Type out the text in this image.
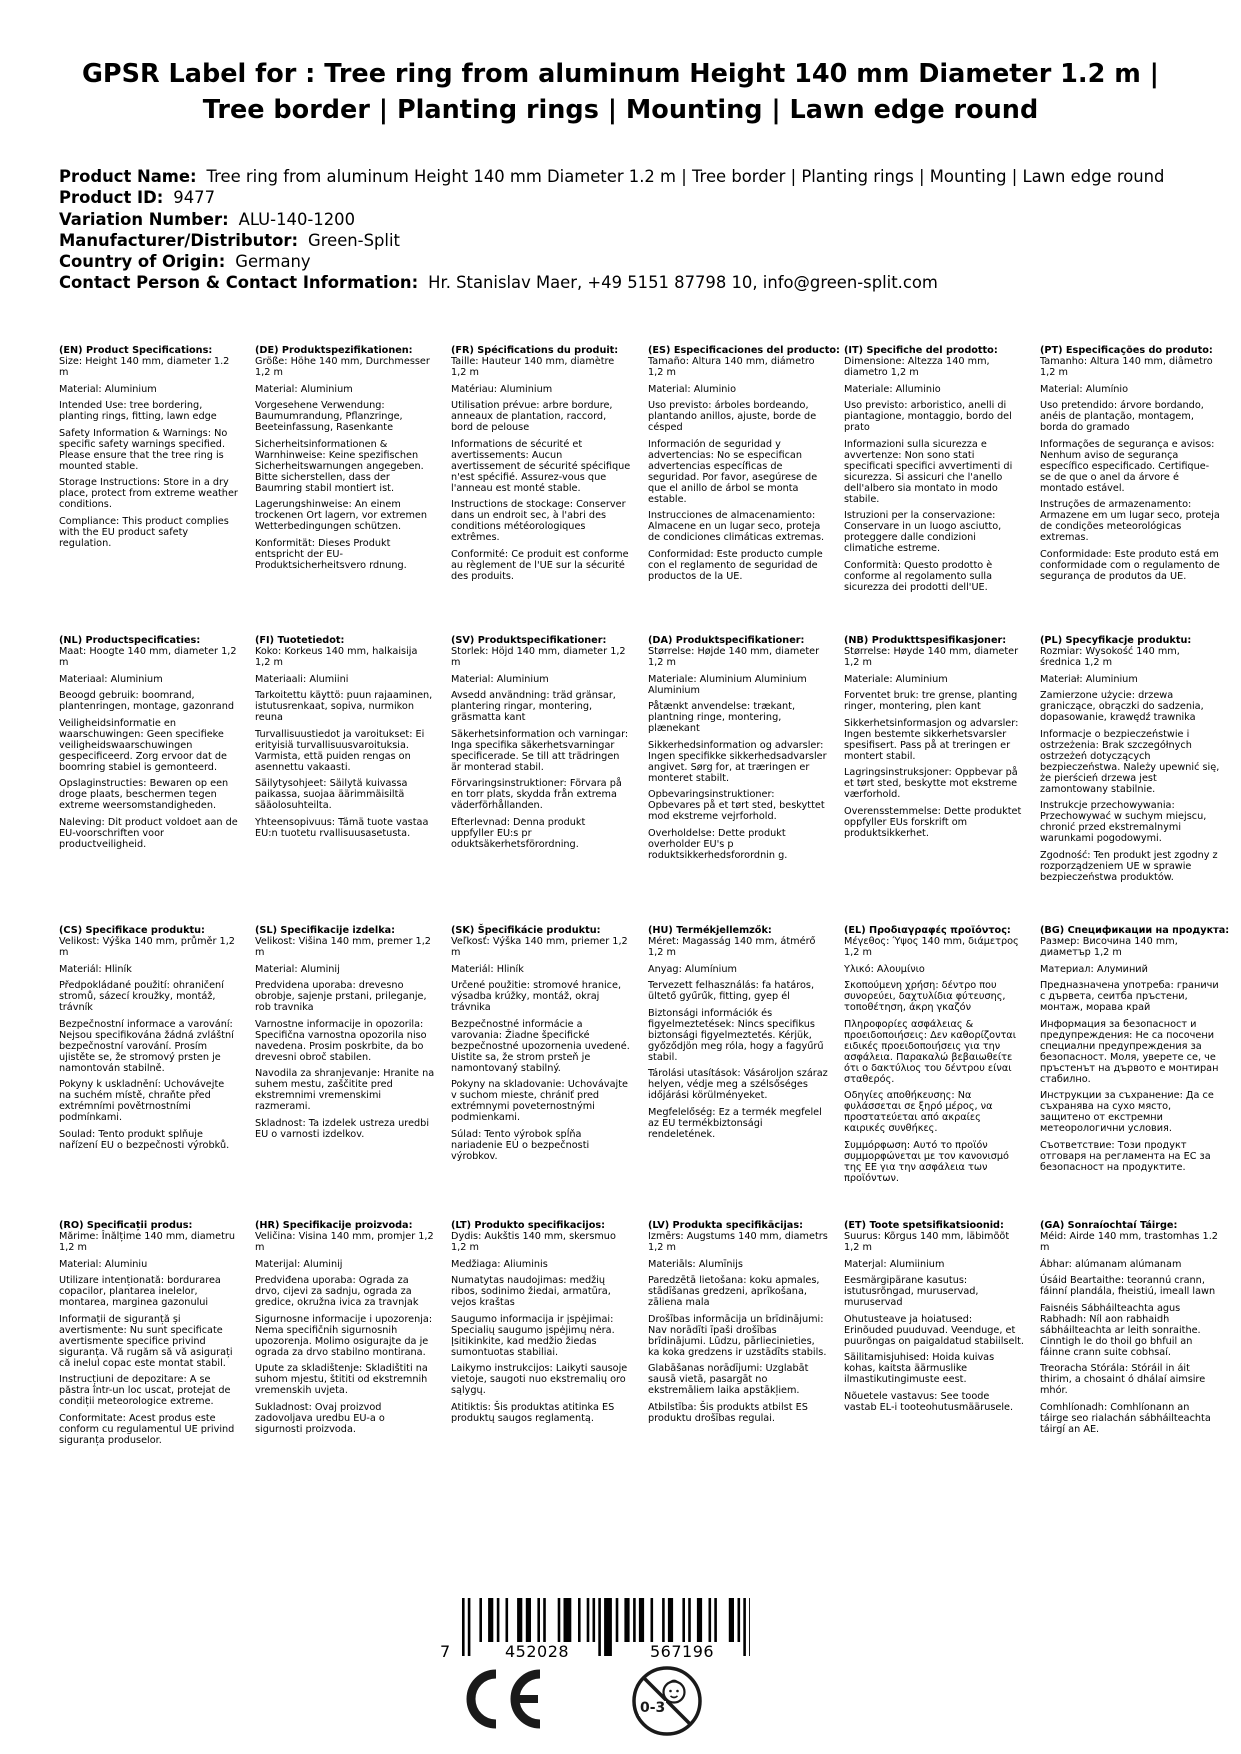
GPSR Label for : Tree ring from aluminum Height 140 mm Diameter 1.2 m | Tree border | Planting rings | Mounting | Lawn edge round
Product Name: Tree ring from aluminum Height 140 mm Diameter 1.2 m | Tree border | Planting rings | Mounting | Lawn edge round
Product ID: 9477
Variation Number: ALU-140-1200
Manufacturer/Distributor: Green-Split
Country of Origin: Germany
Contact Person & Contact Information: Hr. Stanislav Maer, +49 5151 87798 10, info@green-split.com
(EN) Product Specifications:

Size: Height 140 mm, diameter 1.2 m

Material: Aluminium

Intended Use: tree bordering, planting rings, fitting, lawn edge

Safety Information & Warnings: No specific safety warnings specified. Please ensure that the tree ring is mounted stable.

Storage Instructions: Store in a dry place, protect from extreme weather conditions.

Compliance: This product complies with the EU product safety regulation.

(DE) Produktspezifikationen:

Größe: Höhe 140 mm, Durchmesser 1,2 m

Material: Aluminium

Vorgesehene Verwendung: Baumumrandung, Pflanzringe, Beeteinfassung, Rasenkante

Sicherheitsinformationen & Warnhinweise: Keine spezifischen Sicherheitswarnungen angegeben. Bitte sicherstellen, dass der Baumring stabil montiert ist.

Lagerungshinweise: An einem trockenen Ort lagern, vor extremen Wetterbedingungen schützen.

Konformität: Dieses Produkt entspricht der EU-Produktsicherheitsvero rdnung.

(FR) Spécifications du produit:

Taille: Hauteur 140 mm, diamètre 1,2 m

Matériau: Aluminium

Utilisation prévue: arbre bordure, anneaux de plantation, raccord, bord de pelouse

Informations de sécurité et avertissements: Aucun avertissement de sécurité spécifique n'est spécifié. Assurez-vous que l'anneau est monté stable.

Instructions de stockage: Conserver dans un endroit sec, à l'abri des conditions météorologiques extrêmes.

Conformité: Ce produit est conforme au règlement de l'UE sur la sécurité des produits.

(ES) Especificaciones del producto:

Tamaño: Altura 140 mm, diámetro 1,2 m

Material: Aluminio

Uso previsto: árboles bordeando, plantando anillos, ajuste, borde de césped

Información de seguridad y advertencias: No se especifican advertencias específicas de seguridad. Por favor, asegúrese de que el anillo de árbol se monta estable.

Instrucciones de almacenamiento: Almacene en un lugar seco, proteja de condiciones climáticas extremas.

Conformidad: Este producto cumple con el reglamento de seguridad de productos de la UE.

(IT) Specifiche del prodotto:

Dimensione: Altezza 140 mm, diametro 1,2 m

Materiale: Alluminio

Uso previsto: arboristico, anelli di piantagione, montaggio, bordo del prato

Informazioni sulla sicurezza e avvertenze: Non sono stati specificati specifici avvertimenti di sicurezza. Si assicuri che l'anello dell'albero sia montato in modo stabile.

Istruzioni per la conservazione: Conservare in un luogo asciutto, proteggere dalle condizioni climatiche estreme.

Conformità: Questo prodotto è conforme al regolamento sulla sicurezza dei prodotti dell'UE.

(PT) Especificações do produto:

Tamanho: Altura 140 mm, diâmetro 1,2 m

Material: Alumínio

Uso pretendido: árvore bordando, anéis de plantação, montagem, borda do gramado

Informações de segurança e avisos: Nenhum aviso de segurança específico especificado. Certifique-se de que o anel da árvore é montado estável.

Instruções de armazenamento: Armazene em um lugar seco, proteja de condições meteorológicas extremas.

Conformidade: Este produto está em conformidade com o regulamento de segurança de produtos da UE.

(NL) Productspecificaties:

Maat: Hoogte 140 mm, diameter 1,2 m

Materiaal: Aluminium

Beoogd gebruik: boomrand, plantenringen, montage, gazonrand

Veiligheidsinformatie en waarschuwingen: Geen specifieke veiligheidswaarschuwingen gespecificeerd. Zorg ervoor dat de boomring stabiel is gemonteerd.

Opslaginstructies: Bewaren op een droge plaats, beschermen tegen extreme weersomstandigheden.

Naleving: Dit product voldoet aan de EU-voorschriften voor productveiligheid.

(FI) Tuotetiedot:

Koko: Korkeus 140 mm, halkaisija 1,2 m

Materiaali: Alumiini

Tarkoitettu käyttö: puun rajaaminen, istutusrenkaat, sopiva, nurmikon reuna

Turvallisuustiedot ja varoitukset: Ei erityisiä turvallisuusvaroituksia. Varmista, että puiden rengas on asennettu vakaasti.

Säilytysohjeet: Säilytä kuivassa paikassa, suojaa äärimmäisiltä sääolosuhteilta.

Yhteensopivuus: Tämä tuote vastaa EU:n tuotetu rvallisuusasetusta.

(SV) Produktspecifikationer:

Storlek: Höjd 140 mm, diameter 1,2 m

Material: Aluminium

Avsedd användning: träd gränsar, plantering ringar, montering, gräsmatta kant

Säkerhetsinformation och varningar: Inga specifika säkerhetsvarningar specificerade. Se till att trädringen är monterad stabil.

Förvaringsinstruktioner: Förvara på en torr plats, skydda från extrema väderförhållanden.

Efterlevnad: Denna produkt uppfyller EU:s pr oduktsäkerhetsförordning.

(DA) Produktspecifikationer:

Størrelse: Højde 140 mm, diameter 1,2 m

Materiale: Aluminium Aluminium Aluminium

Påtænkt anvendelse: trækant, plantning ringe, montering, plænekant

Sikkerhedsinformation og advarsler: Ingen specifikke sikkerhedsadvarsler angivet. Sørg for, at træringen er monteret stabilt.

Opbevaringsinstruktioner: Opbevares på et tørt sted, beskyttet mod ekstreme vejrforhold.

Overholdelse: Dette produkt overholder EU's p roduktsikkerhedsforordnin g.

(NB) Produkttspesifikasjoner:

Størrelse: Høyde 140 mm, diameter 1,2 m

Materiale: Aluminium

Forventet bruk: tre grense, planting ringer, montering, plen kant

Sikkerhetsinformasjon og advarsler: Ingen bestemte sikkerhetsvarsler spesifisert. Pass på at treringen er montert stabil.

Lagringsinstruksjoner: Oppbevar på et tørt sted, beskytte mot ekstreme værforhold.

Overensstemmelse: Dette produktet oppfyller EUs forskrift om produktsikkerhet.

(PL) Specyfikacje produktu:

Rozmiar: Wysokość 140 mm, średnica 1,2 m

Materiał: Aluminium

Zamierzone użycie: drzewa graniczące, obrączki do sadzenia, dopasowanie, krawędź trawnika

Informacje o bezpieczeństwie i ostrzeżenia: Brak szczegółnych ostrzeżeń dotyczących bezpieczeństwa. Należy upewnić się, że pierścień drzewa jest zamontowany stabilnie.

Instrukcje przechowywania: Przechowywać w suchym miejscu, chronić przed ekstremalnymi warunkami pogodowymi.

Zgodność: Ten produkt jest zgodny z rozporządzeniem UE w sprawie bezpieczeństwa produktów.

(CS) Specifikace produktu:

Velikost: Výška 140 mm, průměr 1,2 m

Materiál: Hliník

Předpokládané použití: ohraničení stromů, sázecí kroužky, montáž, trávník

Bezpečnostní informace a varování: Nejsou specifikována žádná zvláštní bezpečnostní varování. Prosím ujistěte se, že stromový prsten je namontován stabilně.

Pokyny k uskladnění: Uchovávejte na suchém místě, chraňte před extrémními povětrnostními podmínkami.

Soulad: Tento produkt splňuje nařízení EU o bezpečnosti výrobků.

(SL) Specifikacije izdelka:

Velikost: Višina 140 mm, premer 1,2 m

Material: Aluminij

Predvidena uporaba: drevesno obrobje, sajenje prstani, prileganje, rob travnika

Varnostne informacije in opozorila: Specifična varnostna opozorila niso navedena. Prosim poskrbite, da bo drevesni obroč stabilen.

Navodila za shranjevanje: Hranite na suhem mestu, zaščitite pred ekstremnimi vremenskimi razmerami.

Skladnost: Ta izdelek ustreza uredbi EU o varnosti izdelkov.

(SK) Špecifikácie produktu:

Veľkosť: Výška 140 mm, priemer 1,2 m

Materiál: Hliník

Určené použitie: stromové hranice, výsadba krúžky, montáž, okraj trávnika

Bezpečnostné informácie a varovania: Žiadne špecifické bezpečnostné upozornenia uvedené. Uistite sa, že strom prsteň je namontovaný stabilný.

Pokyny na skladovanie: Uchovávajte v suchom mieste, chrániť pred extrémnymi poveternostnými podmienkami.

Súlad: Tento výrobok spĺňa nariadenie EÚ o bezpečnosti výrobkov.

(HU) Termékjellemzők:

Méret: Magasság 140 mm, átmérő 1,2 m

Anyag: Alumínium

Tervezett felhasználás: fa határos, ültető gyűrűk, fitting, gyep él

Biztonsági információk és figyelmeztetések: Nincs specifikus biztonsági figyelmeztetés. Kérjük, győződjön meg róla, hogy a fagyűrű stabil.

Tárolási utasítások: Vásároljon száraz helyen, védje meg a szélsőséges időjárási körülményeket.

Megfelelőség: Ez a termék megfelel az EU termékbiztonsági rendeletének.

(EL) Προδιαγραφές προϊόντος:

Μέγεθος: Ύψος 140 mm, διάμετρος 1,2 m

Υλικό: Αλουμίνιο

Σκοπούμενη χρήση: δέντρο που συνορεύει, δαχτυλίδια φύτευσης, τοποθέτηση, άκρη γκαζόν

Πληροφορίες ασφάλειας & προειδοποιήσεις: Δεν καθορίζονται ειδικές προειδοποιήσεις για την ασφάλεια. Παρακαλώ βεβαιωθείτε ότι ο δακτύλιος του δέντρου είναι σταθερός.

Οδηγίες αποθήκευσης: Να φυλάσσεται σε ξηρό μέρος, να προστατεύεται από ακραίες καιρικές συνθήκες.

Συμμόρφωση: Αυτό το προϊόν συμμορφώνεται με τον κανονισμό της ΕΕ για την ασφάλεια των προϊόντων.

(BG) Спецификации на продукта:

Размер: Височина 140 mm, диаметър 1,2 m

Материал: Алуминий

Предназначена употреба: граничи с дървета, сеитба пръстени, монтаж, морава край

Информация за безопасност и предупреждения: Не са посочени специални предупреждения за безопасност. Моля, уверете се, че пръстенът на дървото е монтиран стабилно.

Инструкции за съхранение: Да се съхранява на сухо място, защитено от екстремни метеорологични условия.

Съответствие: Този продукт отговаря на регламента на ЕС за безопасност на продуктите.

(RO) Specificații produs:

Mărime: Înălțime 140 mm, diametru 1,2 m

Material: Aluminiu

Utilizare intenționată: bordurarea copacilor, plantarea inelelor, montarea, marginea gazonului

Informații de siguranță și avertismente: Nu sunt specificate avertismente specifice privind siguranța. Vă rugăm să vă asigurați că inelul copac este montat stabil.

Instrucțiuni de depozitare: A se păstra într-un loc uscat, protejat de condiții meteorologice extreme.

Conformitate: Acest produs este conform cu regulamentul UE privind siguranța produselor.

(HR) Specifikacije proizvoda:

Veličina: Visina 140 mm, promjer 1,2 m

Materijal: Aluminij

Predviđena uporaba: Ograda za drvo, cijevi za sadnju, ograda za gredice, okružna ivica za travnjak

Sigurnosne informacije i upozorenja: Nema specifičnih sigurnosnih upozorenja. Molimo osigurajte da je ograda za drvo stabilno montirana.

Upute za skladištenje: Skladištiti na suhom mjestu, štititi od ekstremnih vremenskih uvjeta.

Sukladnost: Ovaj proizvod zadovoljava uredbu EU-a o sigurnosti proizvoda.

(LT) Produkto specifikacijos:

Dydis: Aukštis 140 mm, skersmuo 1,2 m

Medžiaga: Aliuminis

Numatytas naudojimas: medžių ribos, sodinimo žiedai, armatūra, vejos kraštas

Saugumo informacija ir įspėjimai: Specialių saugumo įspėjimų nėra. Įsitikinkite, kad medžio žiedas sumontuotas stabiliai.

Laikymo instrukcijos: Laikyti sausoje vietoje, saugoti nuo ekstremalių oro sąlygų.

Atitiktis: Šis produktas atitinka ES produktų saugos reglamentą.

(LV) Produkta specifikācijas:

Izmērs: Augstums 140 mm, diametrs 1,2 m

Materiāls: Alumīnijs

Paredzētā lietošana: koku apmales, stādīšanas gredzeni, aprīkošana, zāliena mala

Drošības informācija un brīdinājumi: Nav norādīti īpaši drošības brīdinājumi. Lūdzu, pārliecinieties, ka koka gredzens ir uzstādīts stabils.

Glabāšanas norādījumi: Uzglabāt sausā vietā, pasargāt no ekstremāliem laika apstākļiem.

Atbilstība: Šis produkts atbilst ES produktu drošības regulai.

(ET) Toote spetsifikatsioonid:

Suurus: Kõrgus 140 mm, läbimõõt 1,2 m

Materjal: Alumiinium

Eesmärgipärane kasutus: istutusrõngad, muruservad, muruservad

Ohutusteave ja hoiatused: Erinõuded puuduvad. Veenduge, et puurõngas on paigaldatud stabiilselt.

Säilitamisjuhised: Hoida kuivas kohas, kaitsta äärmuslike ilmastikutingimuste eest.

Nõuetele vastavus: See toode vastab EL-i tooteohutusmäärusele.

(GA) Sonraíochtaí Táirge:

Méid: Airde 140 mm, trastomhas 1.2 m

Ábhar: alúmanam alúmanam

Úsáid Beartaithe: teorannú crann, fáinní plandála, fheistiú, imeall lawn

Faisnéis Sábháilteachta agus Rabhadh: Níl aon rabhaidh sábháilteachta ar leith sonraithe. Cinntigh le do thoil go bhfuil an fáinne crann suite cobhsaí.

Treoracha Stórála: Stóráil in áit thirim, a chosaint ó dhálaí aimsire mhór.

Comhlíonadh: Comhlíonann an táirge seo rialachán sábháilteachta táirgí an AE.

7	452028	567196
0-3
